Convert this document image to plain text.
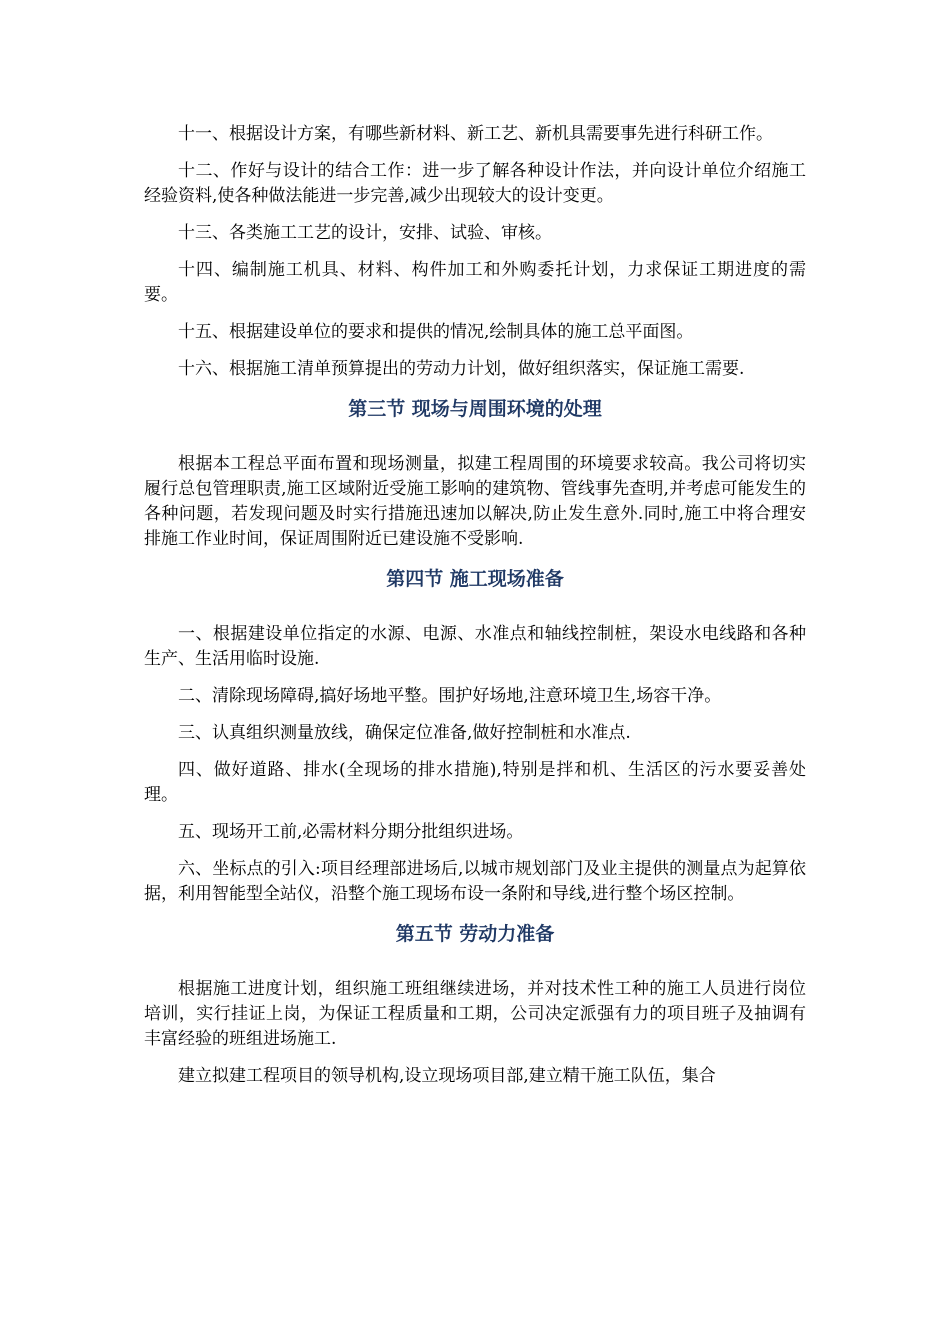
十一、根据设计方案，有哪些新材料、新工艺、新机具需要事先进行科研工作。

十二、作好与设计的结合工作：进一步了解各种设计作法，并向设计单位介绍施工经验资料,使各种做法能进一步完善,减少出现较大的设计变更。

十三、各类施工工艺的设计，安排、试验、审核。

十四、编制施工机具、材料、构件加工和外购委托计划，力求保证工期进度的需要。

十五、根据建设单位的要求和提供的情况,绘制具体的施工总平面图。

十六、根据施工清单预算提出的劳动力计划，做好组织落实，保证施工需要.

第三节 现场与周围环境的处理

根据本工程总平面布置和现场测量，拟建工程周围的环境要求较高。我公司将切实履行总包管理职责,施工区域附近受施工影响的建筑物、管线事先查明,并考虑可能发生的各种问题，若发现问题及时实行措施迅速加以解决,防止发生意外.同时,施工中将合理安排施工作业时间，保证周围附近已建设施不受影响.

第四节 施工现场准备

一、根据建设单位指定的水源、电源、水准点和轴线控制桩，架设水电线路和各种生产、生活用临时设施.

二、清除现场障碍,搞好场地平整。围护好场地,注意环境卫生,场容干净。

三、认真组织测量放线，确保定位准备,做好控制桩和水准点.

四、做好道路、排水(全现场的排水措施),特别是拌和机、生活区的污水要妥善处理。

五、现场开工前,必需材料分期分批组织进场。

六、坐标点的引入:项目经理部进场后,以城市规划部门及业主提供的测量点为起算依据，利用智能型全站仪，沿整个施工现场布设一条附和导线,进行整个场区控制。

第五节 劳动力准备

根据施工进度计划，组织施工班组继续进场，并对技术性工种的施工人员进行岗位培训，实行挂证上岗，为保证工程质量和工期，公司决定派强有力的项目班子及抽调有丰富经验的班组进场施工.

建立拟建工程项目的领导机构,设立现场项目部,建立精干施工队伍，集合
